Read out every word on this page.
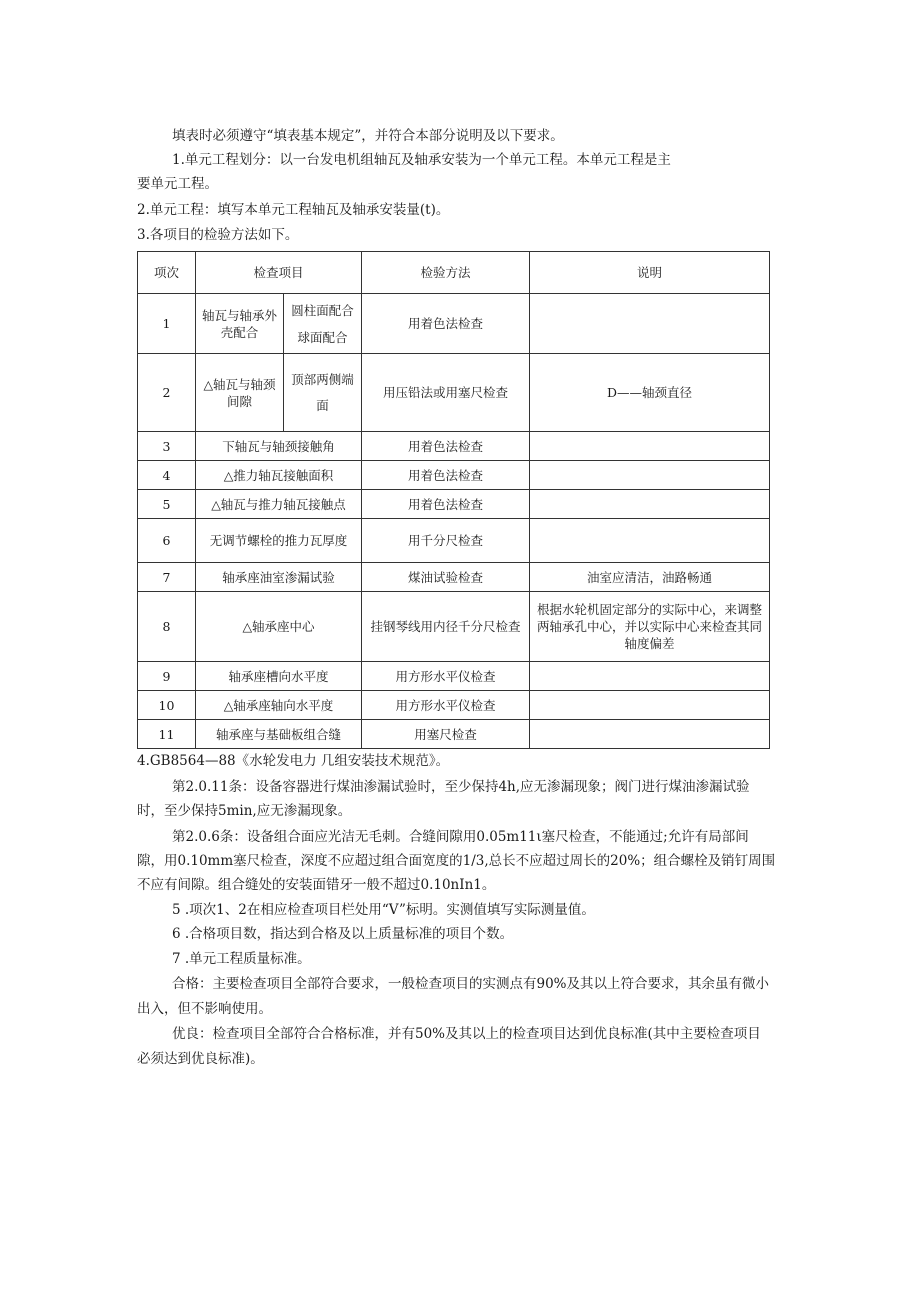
填表时必须遵守“填表基本规定”，并符合本部分说明及以下要求。
1.单元工程划分：以一台发电机组轴瓦及轴承安装为一个单元工程。本单元工程是主
要单元工程。
2.单元工程：填写本单元工程轴瓦及轴承安装量(t)。
3.各项目的检验方法如下。
项次	检查项目		检验方法	说明
1	轴瓦与轴承外壳配合	圆柱面配合
球面配合	用着色法检查	
2	△轴瓦与轴颈间隙	顶部两侧端面	用压铅法或用塞尺检查	D——轴颈直径
3	下轴瓦与轴颈接触角		用着色法检查	
4	△推力轴瓦接触面积		用着色法检查	
5	△轴瓦与推力轴瓦接触点		用着色法检查	
6	无调节螺栓的推力瓦厚度		用千分尺检查	
7	轴承座油室渗漏试验		煤油试验检查	油室应清洁，油路畅通
8	△轴承座中心		挂钢琴线用内径千分尺检查	根据水轮机固定部分的实际中心，来调整两轴承孔中心，并以实际中心来检查其同轴度偏差
9	轴承座槽向水平度		用方形水平仪检查	
10	△轴承座轴向水平度		用方形水平仪检查	
11	轴承座与基础板组合缝		用塞尺检查	
4.GB8564—88《水轮发电力 几组安装技术规范》。
第2.0.11条：设备容器进行煤油渗漏试验时，至少保持4h,应无渗漏现象；阀门进行煤油渗漏试验
时，至少保持5min,应无渗漏现象。
第2.0.6条：设备组合面应光洁无毛刺。合缝间隙用0.05m11ι塞尺检查，不能通过;允许有局部间
隙，用0.10mm塞尺检查，深度不应超过组合面宽度的1/3,总长不应超过周长的20%；组合螺栓及销钉周围
不应有间隙。组合缝处的安装面错牙一般不超过0.10nIn1。
5 .项次1、2在相应检查项目栏处用“V”标明。实测值填写实际测量值。
6 .合格项目数，指达到合格及以上质量标准的项目个数。
7 .单元工程质量标准。
合格：主要检查项目全部符合要求，一般检查项目的实测点有90%及其以上符合要求，其余虽有微小
出入，但不影响使用。
优良：检查项目全部符合合格标准，并有50%及其以上的检查项目达到优良标准(其中主要检查项目
必须达到优良标准)。
